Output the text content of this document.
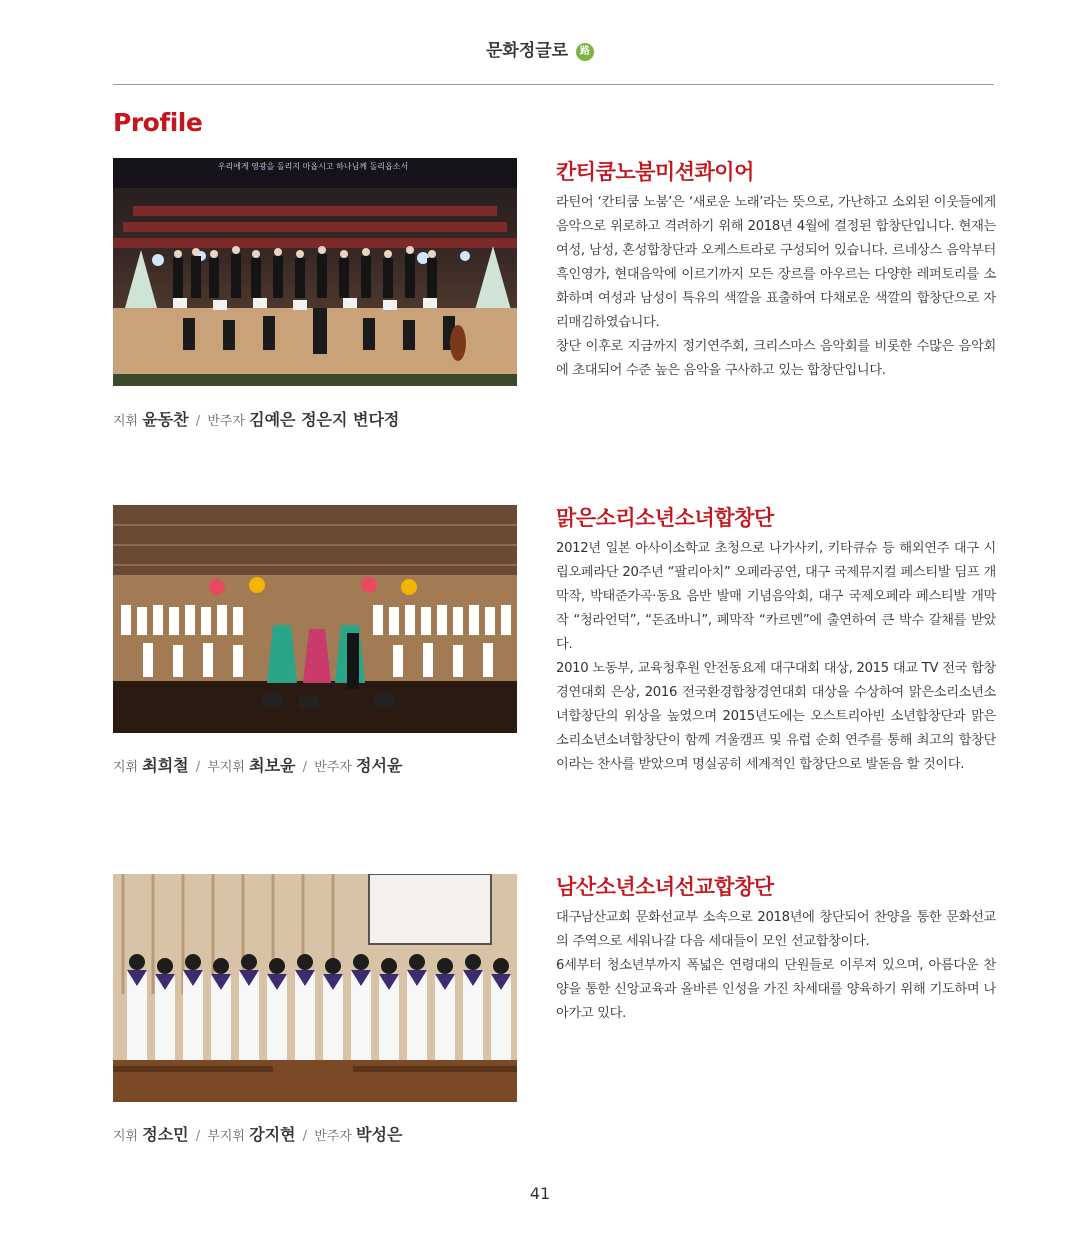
문화정글로 路
Profile
우리에게 영광을 돌리지 마옵시고 하나님께 돌리옵소서
지휘 윤동찬 / 반주자 김예은 정은지 변다정
칸티쿰노붐미션콰이어

라틴어 ‘칸티쿰 노붐’은 ‘새로운 노래’라는 뜻으로, 가난하고 소외된 이웃들에게 음악으로 위로하고 격려하기 위해 2018년 4월에 결정된 합창단입니다. 현재는 여성, 남성, 혼성합창단과 오케스트라로 구성되어 있습니다. 르네상스 음악부터 흑인영가, 현대음악에 이르기까지 모든 장르를 아우르는 다양한 레퍼토리를 소화하며 여성과 남성이 특유의 색깔을 표출하여 다채로운 색깔의 합창단으로 자리매김하였습니다.

창단 이후로 지금까지 정기연주회, 크리스마스 음악회를 비롯한 수많은 음악회에 초대되어 수준 높은 음악을 구사하고 있는 합창단입니다.

지휘 최희철 / 부지휘 최보윤 / 반주자 정서윤
맑은소리소년소녀합창단

2012년 일본 아사이소학교 초청으로 나가사키, 키타큐슈 등 해외연주 대구 시립오페라단 20주년 “팔리아치” 오페라공연, 대구 국제뮤지컬 페스티발 딤프 개막작, 박태준가곡·동요 음반 발매 기념음악회, 대구 국제오페라 페스티발 개막작 “청라언덕”, “돈죠바니”, 폐막작 “카르멘”에 출연하여 큰 박수 갈채를 받았다.

2010 노동부, 교육청후원 안전동요제 대구대회 대상, 2015 대교 TV 전국 합창경연대회 은상, 2016 전국환경합창경연대회 대상을 수상하여 맑은소리소년소녀합창단의 위상을 높였으며 2015년도에는 오스트리아빈 소년합창단과 맑은소리소년소녀합창단이 함께 겨울캠프 및 유럽 순회 연주를 통해 최고의 합창단 이라는 찬사를 받았으며 명실공히 세계적인 합창단으로 발돋음 할 것이다.

지휘 정소민 / 부지휘 강지현 / 반주자 박성은
남산소년소녀선교합창단

대구남산교회 문화선교부 소속으로 2018년에 창단되어 찬양을 통한 문화선교의 주역으로 세워나갈 다음 세대들이 모인 선교합창이다.

6세부터 청소년부까지 폭넓은 연령대의 단원들로 이루져 있으며, 아름다운 찬양을 통한 신앙교육과 올바른 인성을 가진 차세대를 양육하기 위해 기도하며 나아가고 있다.

41
